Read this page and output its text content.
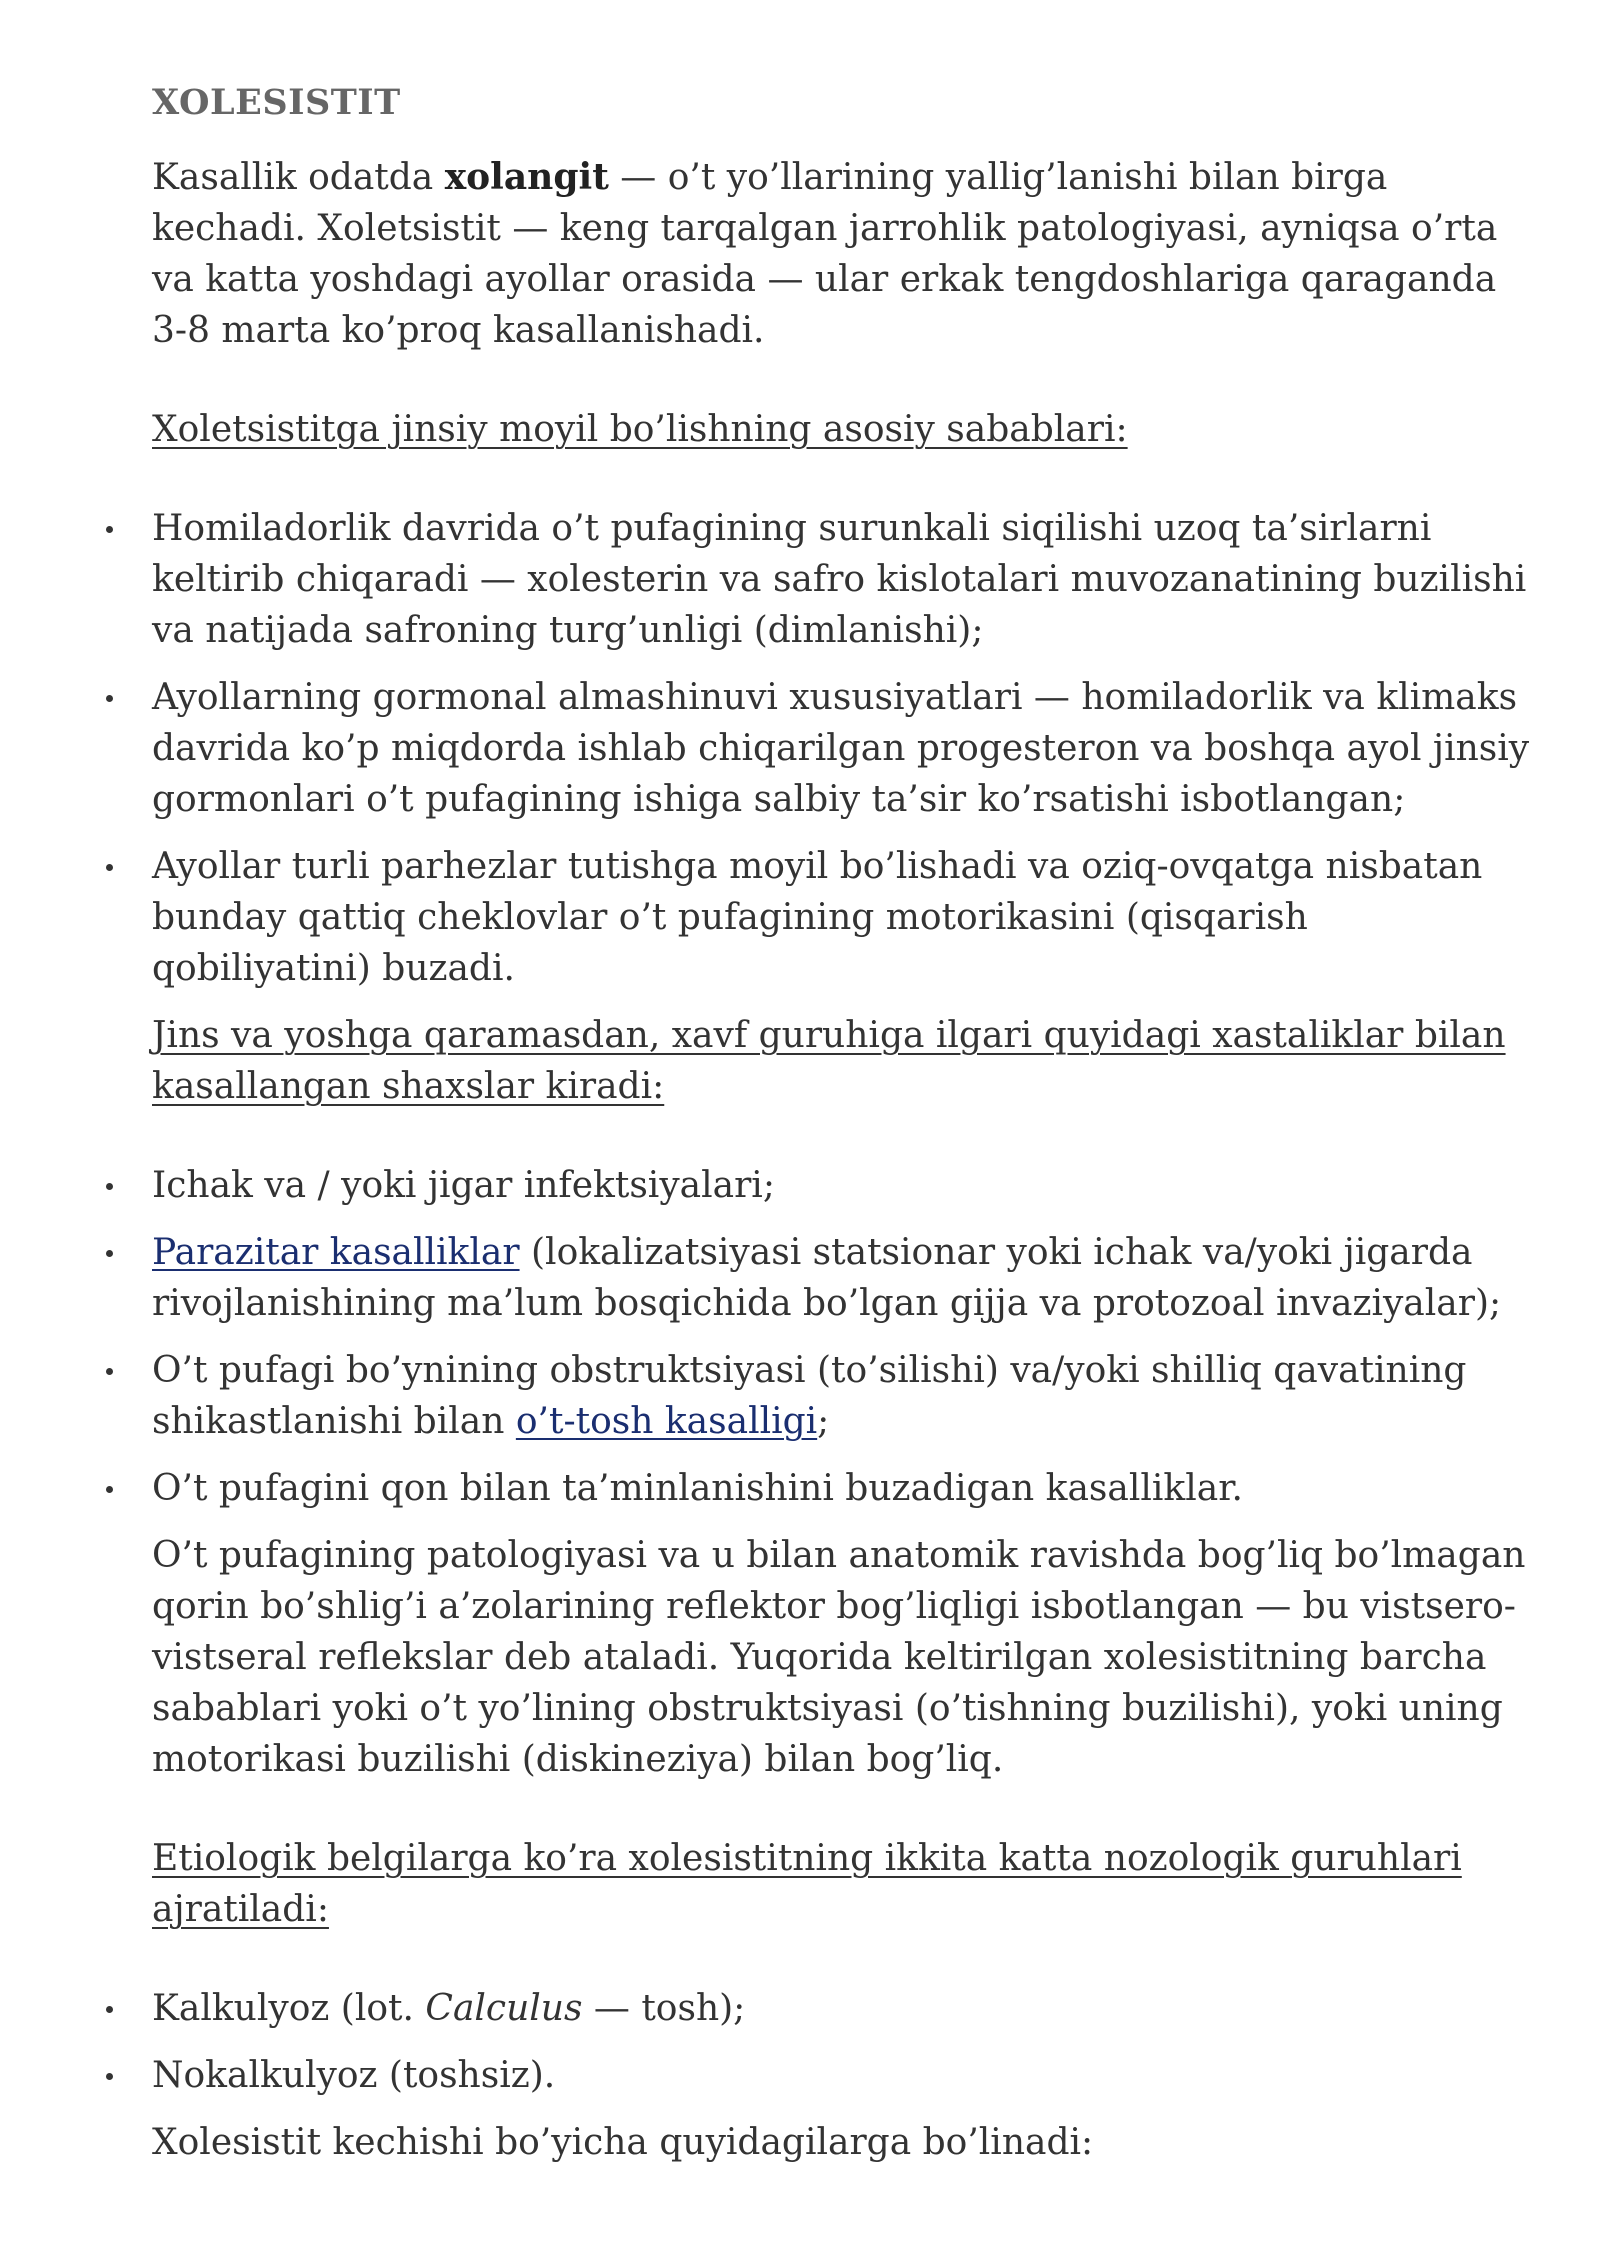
XOLESISTIT

Kasallik odatda xolangit — o’t yo’llarining yallig’lanishi bilan birga kechadi. Xoletsistit — keng tarqalgan jarrohlik patologiyasi, ayniqsa o’rta va katta yoshdagi ayollar orasida — ular erkak tengdoshlariga qaraganda 3-8 marta ko’proq kasallanishadi.

Xoletsistitga jinsiy moyil bo’lishning asosiy sabablari:

Homiladorlik davrida o’t pufagining surunkali siqilishi uzoq ta’sirlarni keltirib chiqaradi — xolesterin va safro kislotalari muvozanatining buzilishi va natijada safroning turg’unligi (dimlanishi);
Ayollarning gormonal almashinuvi xususiyatlari — homiladorlik va klimaks davrida ko’p miqdorda ishlab chiqarilgan progesteron va boshqa ayol jinsiy gormonlari o’t pufagining ishiga salbiy ta’sir ko’rsatishi isbotlangan;
Ayollar turli parhezlar tutishga moyil bo’lishadi va oziq-ovqatga nisbatan bunday qattiq cheklovlar o’t pufagining motorikasini (qisqarish qobiliyatini) buzadi.

Jins va yoshga qaramasdan, xavf guruhiga ilgari quyidagi xastaliklar bilan kasallangan shaxslar kiradi:

Ichak va / yoki jigar infektsiyalari;
Parazitar kasalliklar (lokalizatsiyasi statsionar yoki ichak va/yoki jigarda rivojlanishining ma’lum bosqichida bo’lgan gijja va protozoal invaziyalar);
O’t pufagi bo’ynining obstruktsiyasi (to’silishi) va/yoki shilliq qavatining shikastlanishi bilan o’t-tosh kasalligi;
O’t pufagini qon bilan ta’minlanishini buzadigan kasalliklar.

O’t pufagining patologiyasi va u bilan anatomik ravishda bog’liq bo’lmagan qorin bo’shlig’i a’zolarining reflektor bog’liqligi isbotlangan — bu vistsero-vistseral reflekslar deb ataladi. Yuqorida keltirilgan xolesistitning barcha sabablari yoki o’t yo’lining obstruktsiyasi (o’tishning buzilishi), yoki uning motorikasi buzilishi (diskineziya) bilan bog’liq.

Etiologik belgilarga ko’ra xolesistitning ikkita katta nozologik guruhlari ajratiladi:

Kalkulyoz (lot. Calculus — tosh);
Nokalkulyoz (toshsiz).

Xolesistit kechishi bo’yicha quyidagilarga bo’linadi:
